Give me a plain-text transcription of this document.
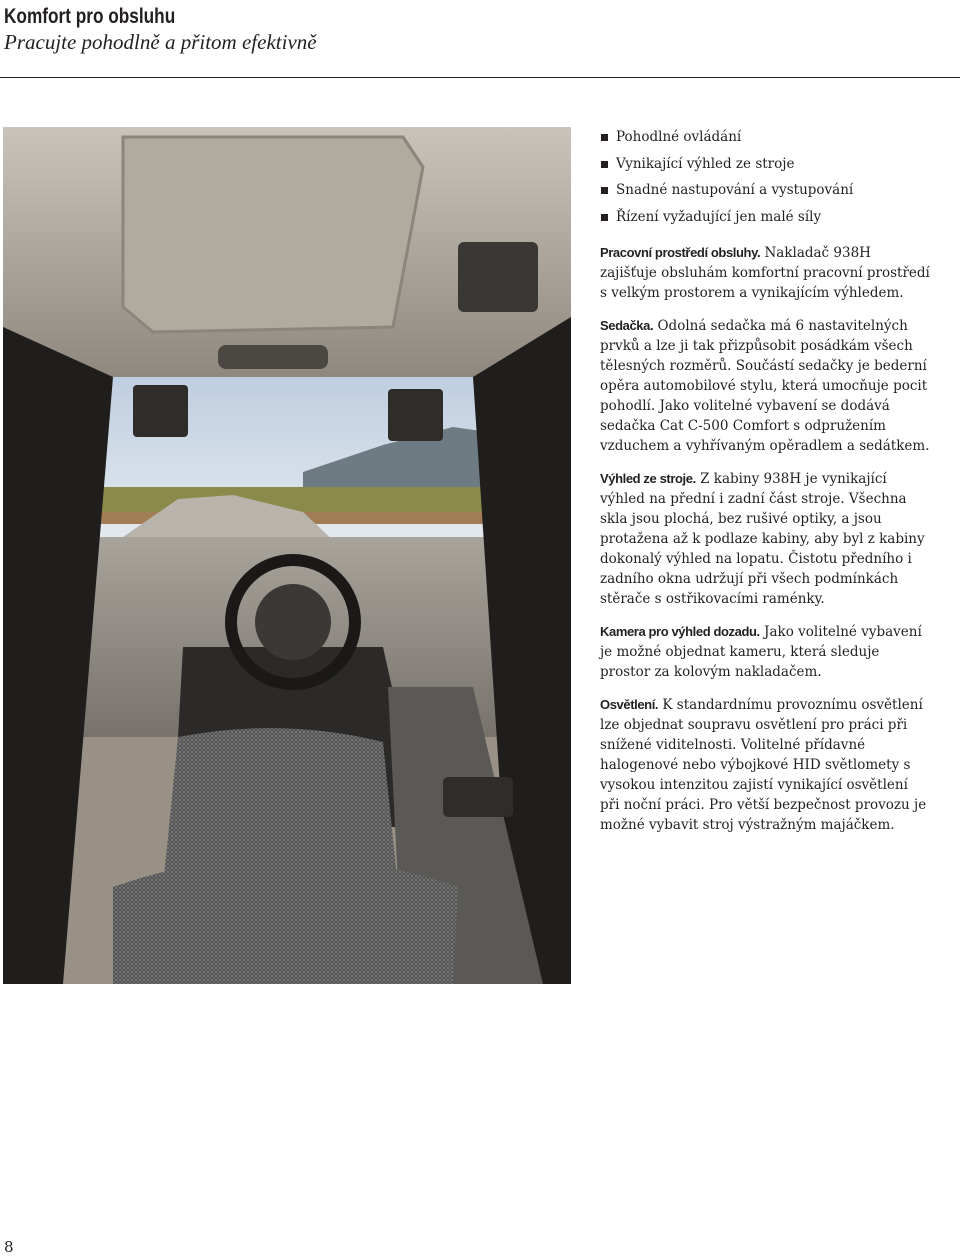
Komfort pro obsluhu
Pracujte pohodlně a přitom efektivně
Pohodlné ovládání
Vynikající výhled ze stroje
Snadné nastupování a vystupování
Řízení vyžadující jen malé síly

Pracovní prostředí obsluhy. Nakladač 938H zajišťuje obsluhám komfortní pracovní prostředí s velkým prostorem a vynikajícím výhledem.

Sedačka. Odolná sedačka má 6 nastavitelných prvků a lze ji tak přizpůsobit posádkám všech tělesných rozměrů. Součástí sedačky je bederní opěra automobilové stylu, která umocňuje pocit pohodlí. Jako volitelné vybavení se dodává sedačka Cat C-500 Comfort s odpružením vzduchem a vyhřívaným opěradlem a sedátkem.

Výhled ze stroje. Z kabiny 938H je vynikající výhled na přední i zadní část stroje. Všechna skla jsou plochá, bez rušivé optiky, a jsou protažena až k podlaze kabiny, aby byl z kabiny dokonalý výhled na lopatu. Čistotu předního i zadního okna udržují při všech podmínkách stěrače s ostřikovacími raménky.

Kamera pro výhled dozadu. Jako volitelné vybavení je možné objednat kameru, která sleduje prostor za kolovým nakladačem.

Osvětlení. K standardnímu provoznímu osvětlení lze objednat soupravu osvětlení pro práci při snížené viditelnosti. Volitelné přídavné halogenové nebo výbojkové HID světlomety s vysokou intenzitou zajistí vynikající osvětlení při noční práci. Pro větší bezpečnost provozu je možné vybavit stroj výstražným majáčkem.

8
